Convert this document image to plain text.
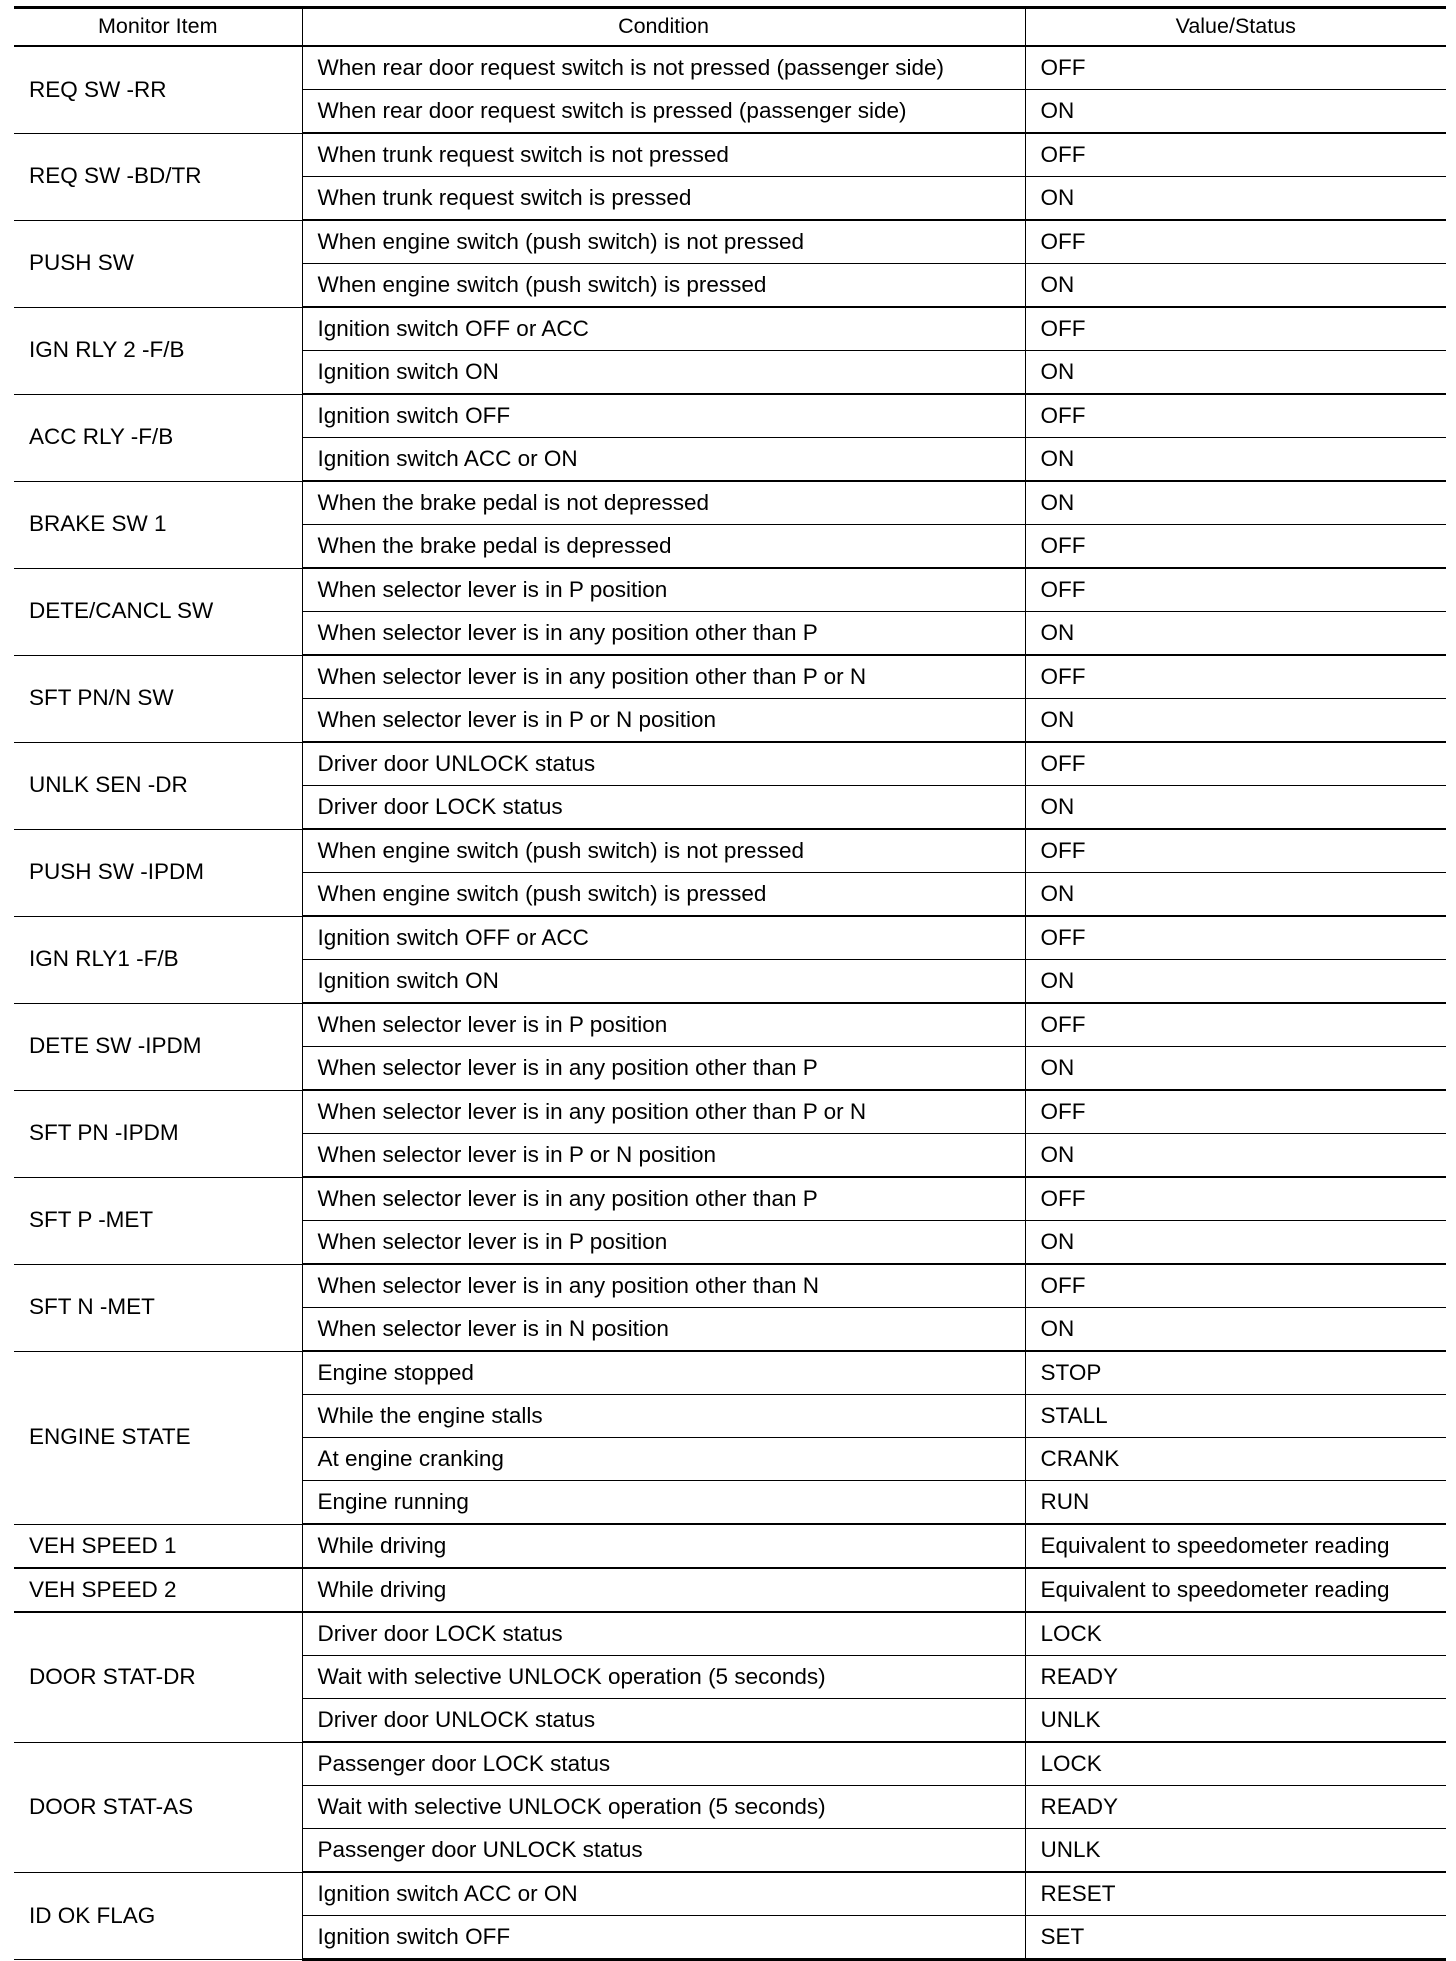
Monitor Item	Condition	Value/Status
REQ SW -RR	When rear door request switch is not pressed (passenger side)	OFF
	When rear door request switch is pressed (passenger side)	ON
REQ SW -BD/TR	When trunk request switch is not pressed	OFF
	When trunk request switch is pressed	ON
PUSH SW	When engine switch (push switch) is not pressed	OFF
	When engine switch (push switch) is pressed	ON
IGN RLY 2 -F/B	Ignition switch OFF or ACC	OFF
	Ignition switch ON	ON
ACC RLY -F/B	Ignition switch OFF	OFF
	Ignition switch ACC or ON	ON
BRAKE SW 1	When the brake pedal is not depressed	ON
	When the brake pedal is depressed	OFF
DETE/CANCL SW	When selector lever is in P position	OFF
	When selector lever is in any position other than P	ON
SFT PN/N SW	When selector lever is in any position other than P or N	OFF
	When selector lever is in P or N position	ON
UNLK SEN -DR	Driver door UNLOCK status	OFF
	Driver door LOCK status	ON
PUSH SW -IPDM	When engine switch (push switch) is not pressed	OFF
	When engine switch (push switch) is pressed	ON
IGN RLY1 -F/B	Ignition switch OFF or ACC	OFF
	Ignition switch ON	ON
DETE SW -IPDM	When selector lever is in P position	OFF
	When selector lever is in any position other than P	ON
SFT PN -IPDM	When selector lever is in any position other than P or N	OFF
	When selector lever is in P or N position	ON
SFT P -MET	When selector lever is in any position other than P	OFF
	When selector lever is in P position	ON
SFT N -MET	When selector lever is in any position other than N	OFF
	When selector lever is in N position	ON
ENGINE STATE	Engine stopped	STOP
	While the engine stalls	STALL
	At engine cranking	CRANK
	Engine running	RUN
VEH SPEED 1	While driving	Equivalent to speedometer reading
VEH SPEED 2	While driving	Equivalent to speedometer reading
DOOR STAT-DR	Driver door LOCK status	LOCK
	Wait with selective UNLOCK operation (5 seconds)	READY
	Driver door UNLOCK status	UNLK
DOOR STAT-AS	Passenger door LOCK status	LOCK
	Wait with selective UNLOCK operation (5 seconds)	READY
	Passenger door UNLOCK status	UNLK
ID OK FLAG	Ignition switch ACC or ON	RESET
	Ignition switch OFF	SET
